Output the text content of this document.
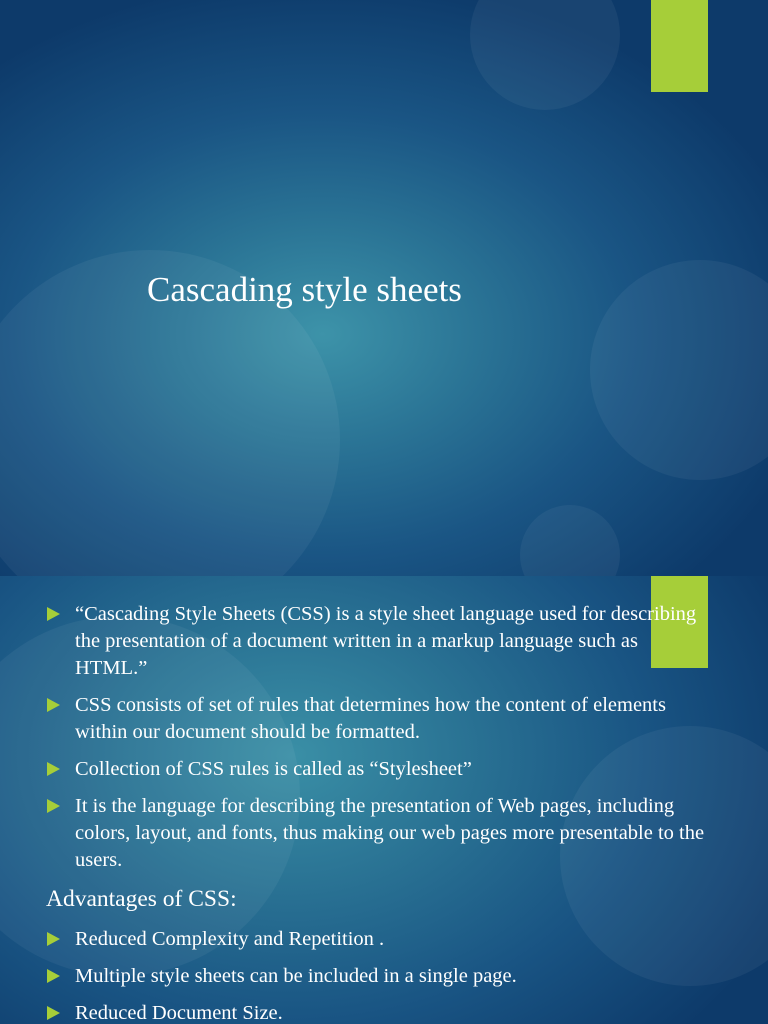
Cascading style sheets
“Cascading Style Sheets (CSS) is a style sheet language used for describing the presentation of a document written in a markup language such as HTML.”
CSS consists of set of rules that determines how the content of elements within our document should be formatted.
Collection of CSS rules is called as “Stylesheet”
It is the language for describing the presentation of Web pages, including colors, layout, and fonts, thus making our web pages more presentable to the users.
Advantages of CSS:
Reduced Complexity and Repetition .
Multiple style sheets can be included in a single page.
Reduced Document Size.
